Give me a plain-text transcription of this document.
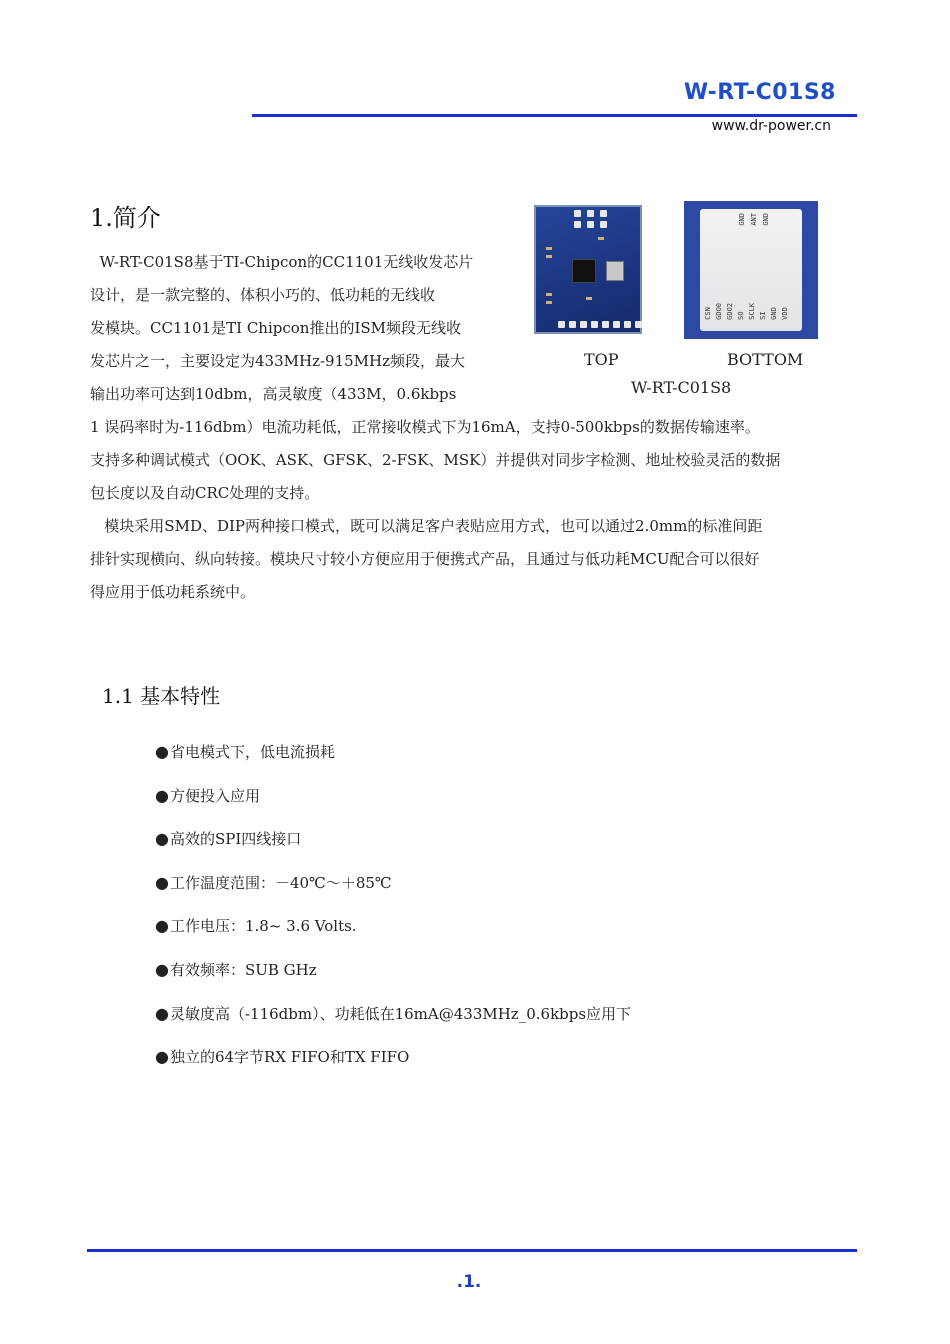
W-RT-C01S8
www.dr-power.cn
1.简介
W-RT-C01S8基于TI-Chipcon的CC1101无线收发芯片
设计，是一款完整的、体积小巧的、低功耗的无线收
发模块。CC1101是TI Chipcon推出的ISM频段无线收
发芯片之一，主要设定为433MHz-915MHz频段，最大
输出功率可达到10dbm，高灵敏度（433M，0.6kbps
1 误码率时为-116dbm）电流功耗低，正常接收模式下为16mA，支持0-500kbps的数据传输速率。
支持多种调试模式（OOK、ASK、GFSK、2-FSK、MSK）并提供对同步字检测、地址校验灵活的数据
包长度以及自动CRC处理的支持。
模块采用SMD、DIP两种接口模式，既可以满足客户表贴应用方式，也可以通过2.0mm的标准间距
排针实现横向、纵向转接。模块尺寸较小方便应用于便携式产品，且通过与低功耗MCU配合可以很好
得应用于低功耗系统中。
GND ANT GND
CSN GDO0 GDO2 SO SCLK SI GND VDD
TOP	BOTTOM
W-RT-C01S8
1.1 基本特性
●省电模式下，低电流损耗
●方便投入应用
●高效的SPI四线接口
●工作温度范围：－40℃～＋85℃
●工作电压：1.8~ 3.6 Volts.
●有效频率：SUB GHz
●灵敏度高（-116dbm）、功耗低在16mA@433MHz_0.6kbps应用下
●独立的64字节RX FIFO和TX FIFO
.1.
